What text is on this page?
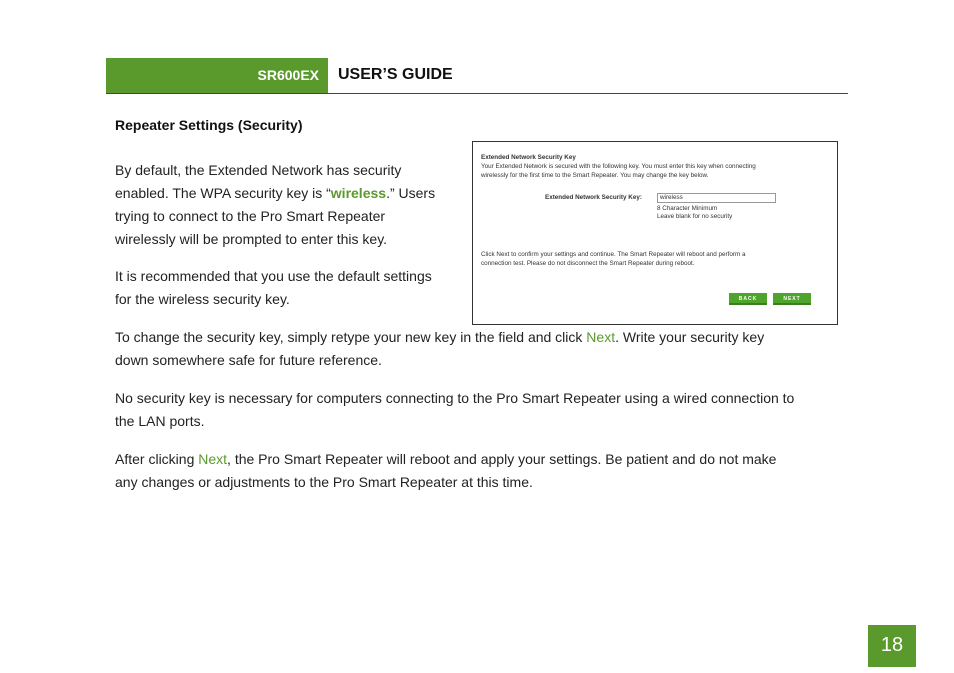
SR600EX USER’S GUIDE
Repeater Settings (Security)
By default, the Extended Network has security
enabled. The WPA security key is “wireless.” Users
trying to connect to the Pro Smart Repeater
wirelessly will be prompted to enter this key.
It is recommended that you use the default settings
for the wireless security key.
Extended Network Security Key
Your Extended Network is secured with the following key. You must enter this key when connecting
wirelessly for the first time to the Smart Repeater. You may change the key below.
Extended Network Security Key:	wireless
8 Character Minimum
Leave blank for no security
Click Next to confirm your settings and continue. The Smart Repeater will reboot and perform a
connection test. Please do not disconnect the Smart Repeater during reboot.
BACK	NEXT
To change the security key, simply retype your new key in the field and click Next. Write your security key
down somewhere safe for future reference.
No security key is necessary for computers connecting to the Pro Smart Repeater using a wired connection to
the LAN ports.
After clicking Next, the Pro Smart Repeater will reboot and apply your settings. Be patient and do not make
any changes or adjustments to the Pro Smart Repeater at this time.
18
